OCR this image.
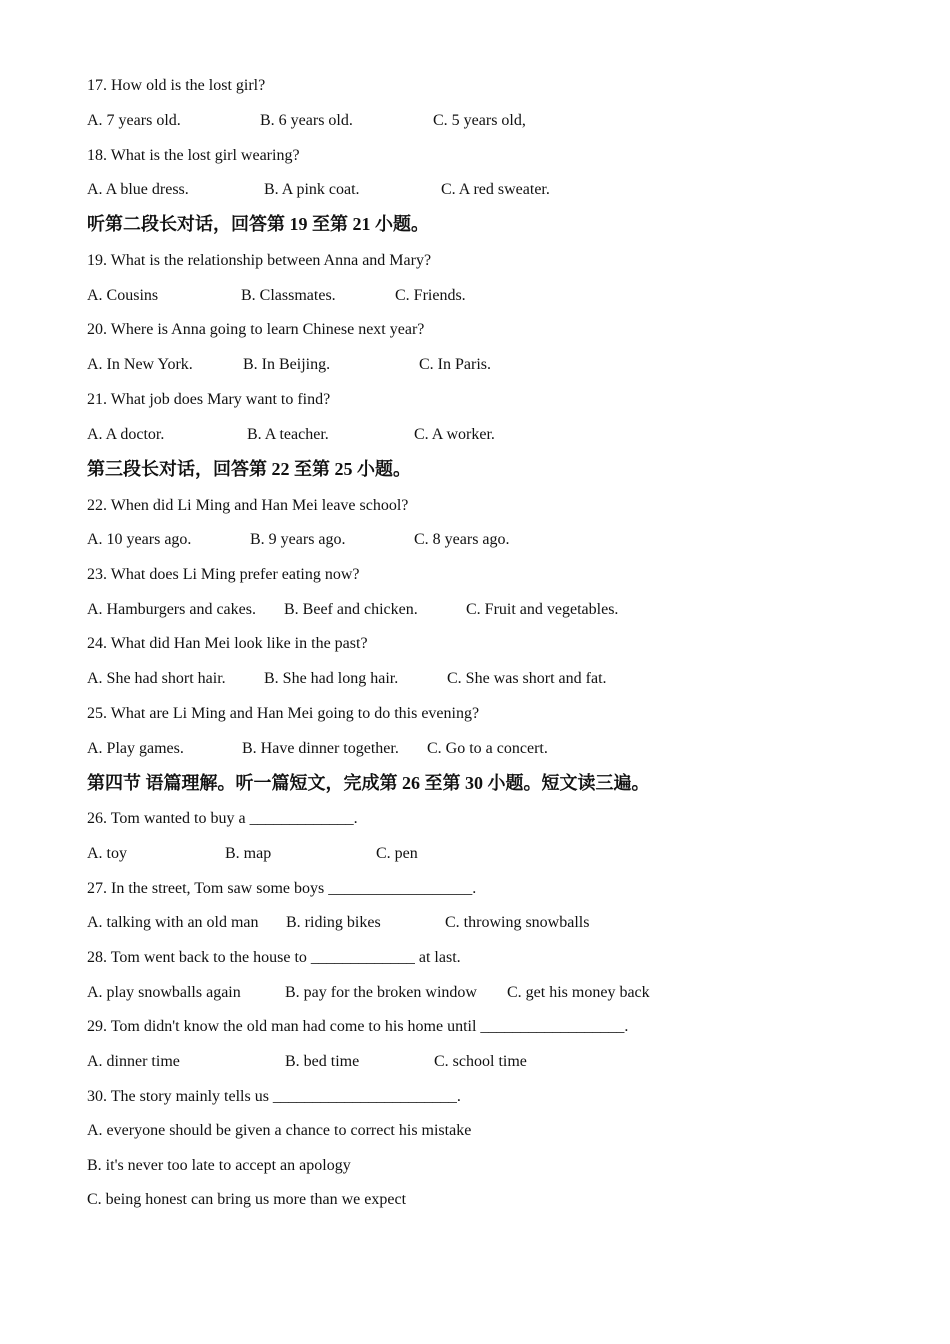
17. How old is the lost girl?
A. 7 years old.	B. 6 years old.	C. 5 years old,
18. What is the lost girl wearing?
A. A blue dress.	B. A pink coat.	C. A red sweater.
听第二段长对话，回答第 19 至第 21 小题。
19. What is the relationship between Anna and Mary?
A. Cousins	B. Classmates.	C. Friends.
20. Where is Anna going to learn Chinese next year?
A. In New York.	B. In Beijing.	C. In Paris.
21. What job does Mary want to find?
A. A doctor.	B. A teacher.	C. A worker.
第三段长对话，回答第 22 至第 25 小题。
22. When did Li Ming and Han Mei leave school?
A. 10 years ago.	B. 9 years ago.	C. 8 years ago.
23. What does Li Ming prefer eating now?
A. Hamburgers and cakes. B. Beef and chicken.	C. Fruit and vegetables.
24. What did Han Mei look like in the past?
A. She had short hair. B. She had long hair.	C. She was short and fat.
25. What are Li Ming and Han Mei going to do this evening?
A. Play games.	B. Have dinner together. C. Go to a concert.
第四节 语篇理解。听一篇短文，完成第 26 至第 30 小题。短文读三遍。
26. Tom wanted to buy a _____________.
A. toy	B. map	C. pen
27. In the street, Tom saw some boys __________________.
A. talking with an old man B. riding bikes	C. throwing snowballs
28. Tom went back to the house to _____________ at last.
A. play snowballs again	B. pay for the broken window C. get his money back
29. Tom didn't know the old man had come to his home until __________________.
A. dinner time	B. bed time	C. school time
30. The story mainly tells us _______________________.
A. everyone should be given a chance to correct his mistake
B. it's never too late to accept an apology
C. being honest can bring us more than we expect
